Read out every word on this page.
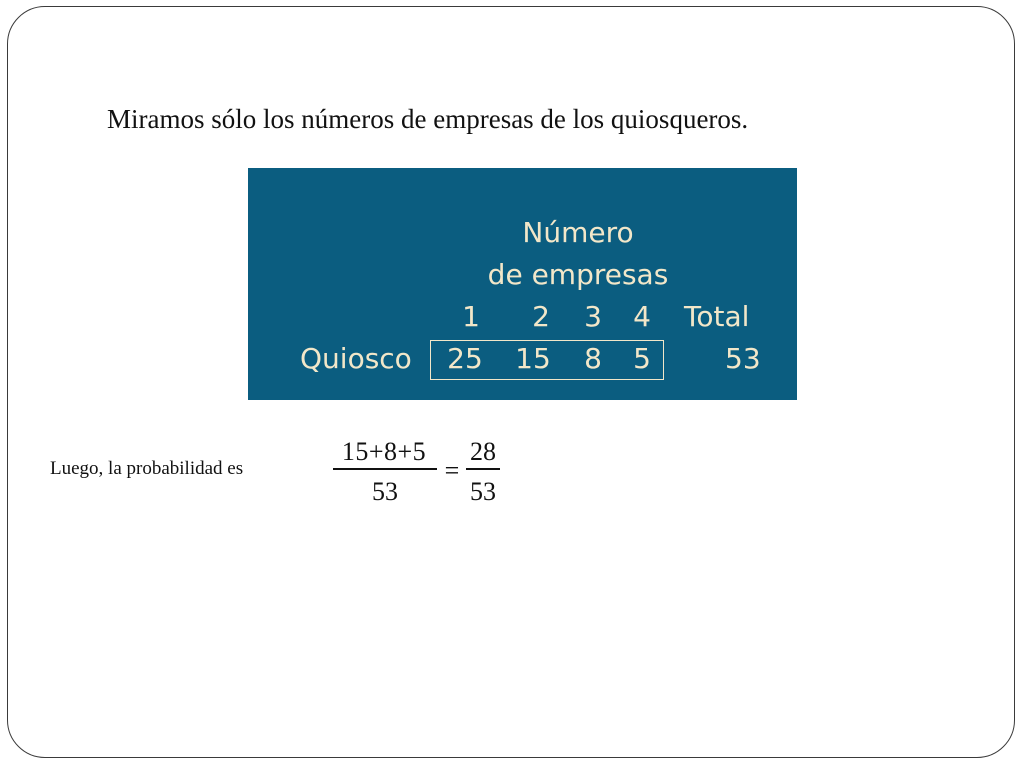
Miramos sólo los números de empresas de los quiosqueros.
Número
de empresas
1 2 3 4 Total
Quiosco 25 15 8 5	53
Luego, la probabilidad es
15+8+5
53
=
28
53
